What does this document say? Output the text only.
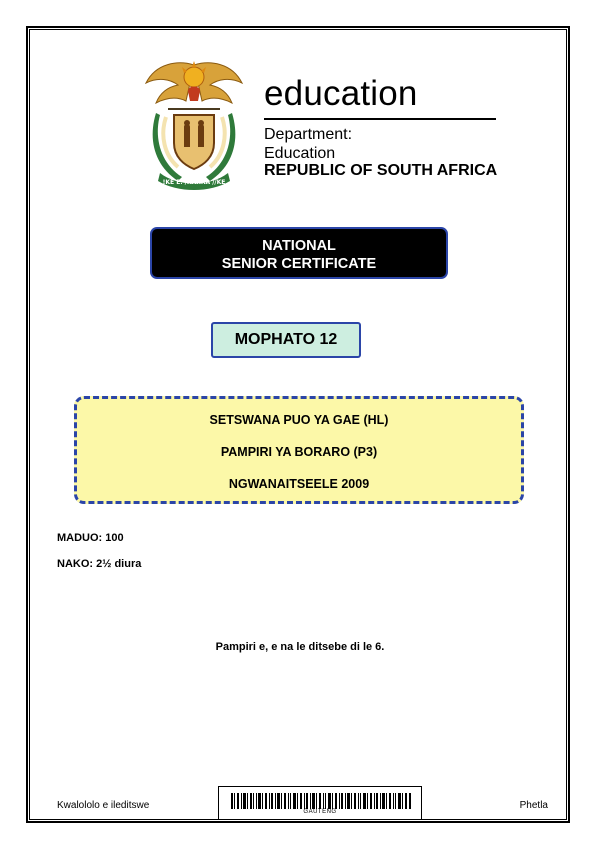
!KE E: /XARRA //KE
education
Department:
Education
REPUBLIC OF SOUTH AFRICA
NATIONAL
SENIOR CERTIFICATE
MOPHATO 12
SETSWANA PUO YA GAE (HL)
PAMPIRI YA BORARO (P3)
NGWANAITSEELE 2009
MADUO: 100
NAKO: 2½ diura
Pampiri e, e na le ditsebe di le 6.
Kwalololo e ileditswe
GAUTENG
Phetla
